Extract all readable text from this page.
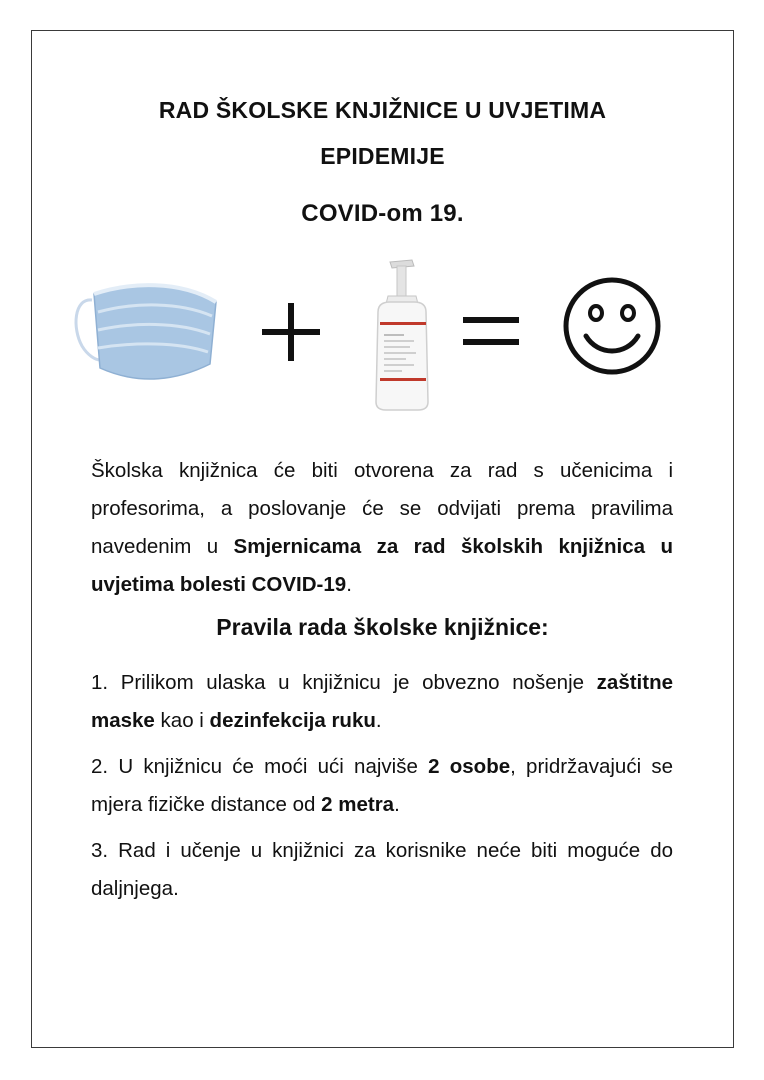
RAD ŠKOLSKE KNJIŽNICE U UVJETIMA
EPIDEMIJE
COVID-om 19.
Školska knjižnica će biti otvorena za rad s učenicima i profesorima, a poslovanje će se odvijati prema pravilima navedenim u Smjernicama za rad školskih knjižnica u uvjetima bolesti COVID-19.
Pravila rada školske knjižnice:
1. Prilikom ulaska u knjižnicu je obvezno nošenje zaštitne maske kao i dezinfekcija ruku.
2. U knjižnicu će moći ući najviše 2 osobe, pridržavajući se mjera fizičke distance od 2 metra.
3. Rad i učenje u knjižnici za korisnike neće biti moguće do daljnjega.
